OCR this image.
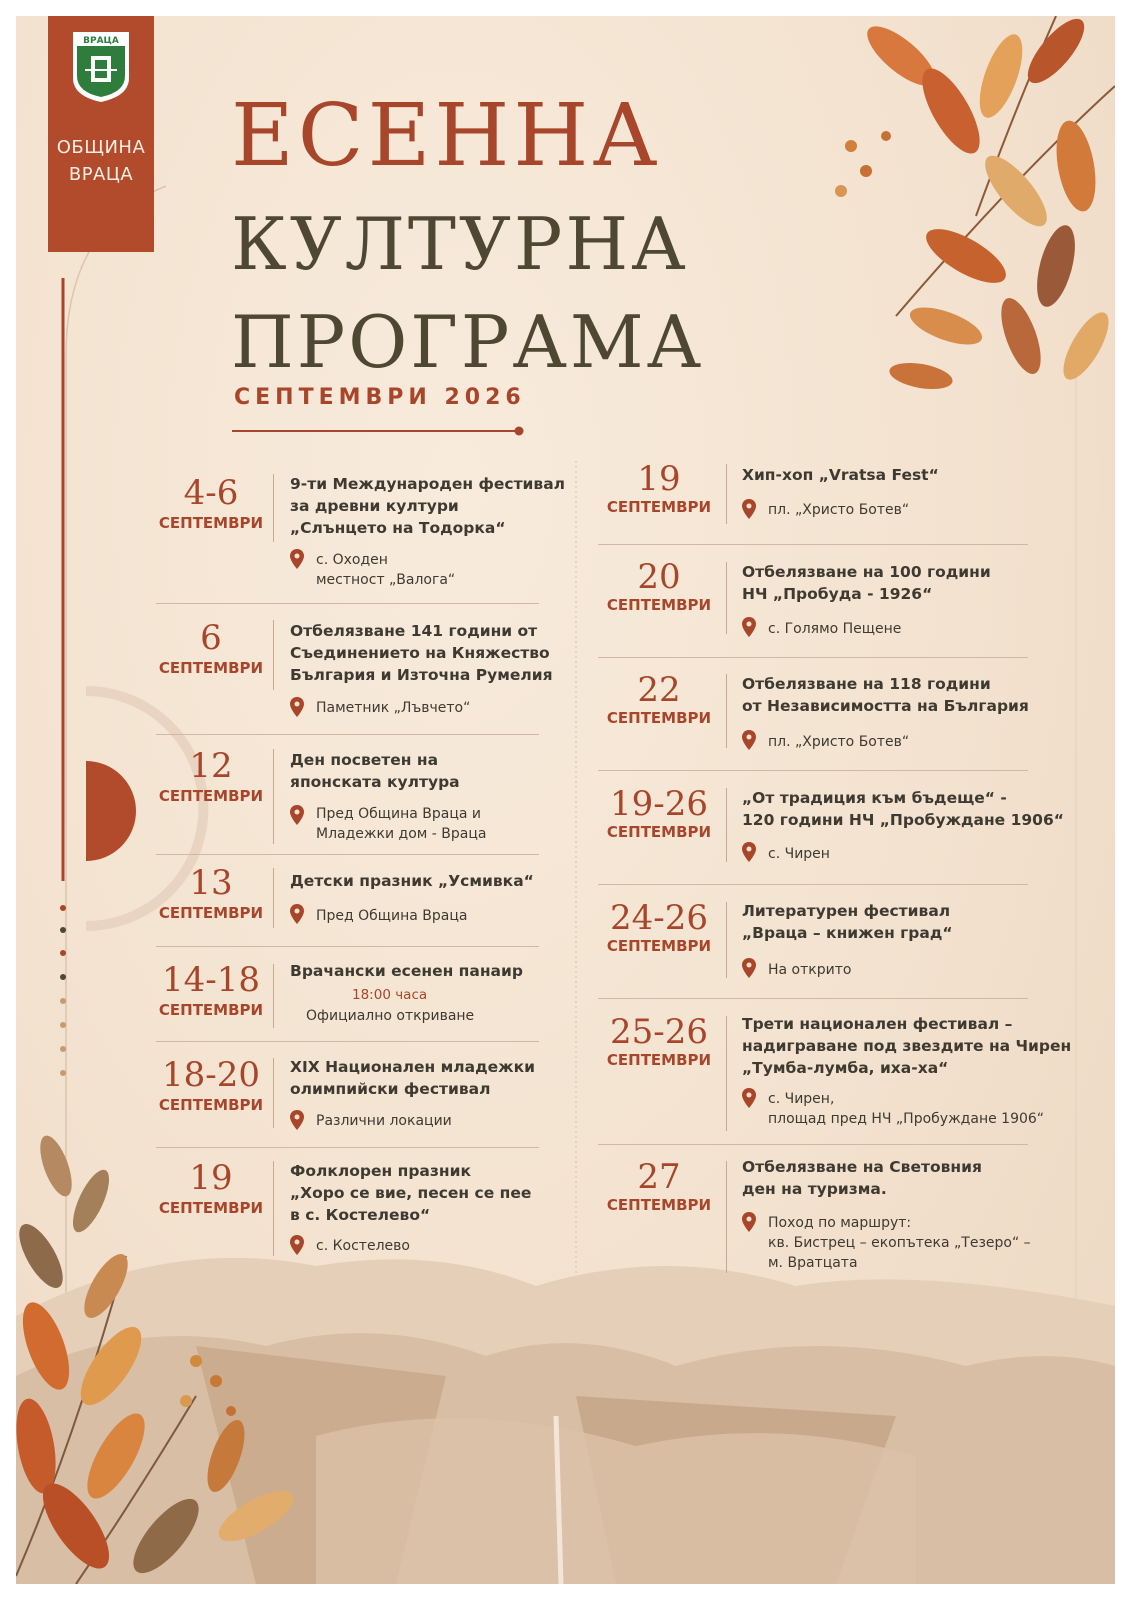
ВРАЦА
ОБЩИНА
ВРАЦА ЕСЕННА
КУЛТУРНА
ПРОГРАМА
СЕПТЕМВРИ 2026
4-6
СЕПТЕМВРИ
9-ти Международен фестивал
за древни култури
„Слънцето на Тодорка“
с. Оходен
местност „Валога“
6
СЕПТЕМВРИ
Отбелязване 141 години от
Съединението на Княжество
България и Източна Румелия
Паметник „Лъвчето“
12
СЕПТЕМВРИ
Ден посветен на
японската култура
Пред Община Враца и
Младежки дом - Враца
13
СЕПТЕМВРИ
Детски празник „Усмивка“
Пред Община Враца
14-18
СЕПТЕМВРИ
Врачански есенен панаир
18:00 часа
Официално откриване
18-20
СЕПТЕМВРИ
XIX Национален младежки
олимпийски фестивал
Различни локации
19
СЕПТЕМВРИ
Фолклорен празник
„Хоро се вие, песен се пее
в с. Костелево“
с. Костелево
19
СЕПТЕМВРИ
Хип-хоп „Vratsa Fest“
пл. „Христо Ботев“
20
СЕПТЕМВРИ
Отбелязване на 100 години
НЧ „Пробуда - 1926“
с. Голямо Пещене
22
СЕПТЕМВРИ
Отбелязване на 118 години
от Независимостта на България
пл. „Христо Ботев“
19-26
СЕПТЕМВРИ
„От традиция към бъдеще“ -
120 години НЧ „Пробуждане 1906“
с. Чирен
24-26
СЕПТЕМВРИ
Литературен фестивал
„Враца – книжен град“
На открито
25-26
СЕПТЕМВРИ
Трети национален фестивал –
надигpаване под звездите на Чирен
„Тумба-лумба, иха-ха“
с. Чирен,
площад пред НЧ „Пробуждане 1906“
27
СЕПТЕМВРИ
Отбелязване на Световния
ден на туризма.
Поход по маршрут:
кв. Бистрец – екопътека „Тезеро“ –
м. Вратцата
